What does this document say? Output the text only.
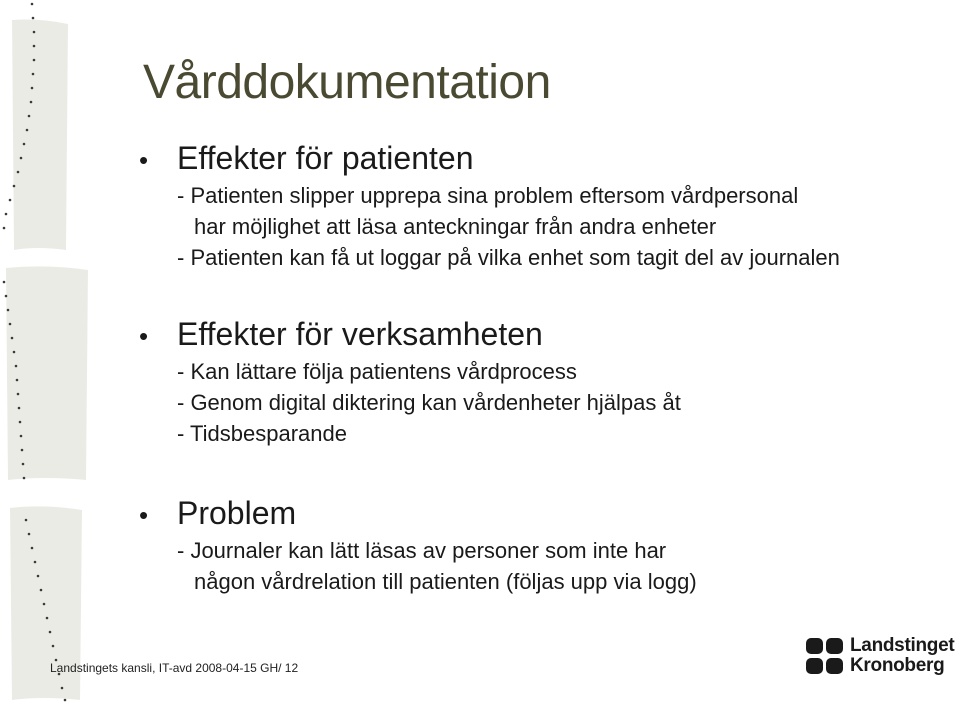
Vårddokumentation
• Effekter för patienten
- Patienten slipper upprepa sina problem eftersom vårdpersonal
har möjlighet att läsa anteckningar från andra enheter
- Patienten kan få ut loggar på vilka enhet som tagit del av journalen
• Effekter för verksamheten
- Kan lättare följa patientens vårdprocess
- Genom digital diktering kan vårdenheter hjälpas åt
- Tidsbesparande
• Problem
- Journaler kan lätt läsas av personer som inte har
någon vårdrelation till patienten (följas upp via logg)
Landstingets kansli, IT-avd 2008-04-15 GH/ 12
Landstinget
Kronoberg
